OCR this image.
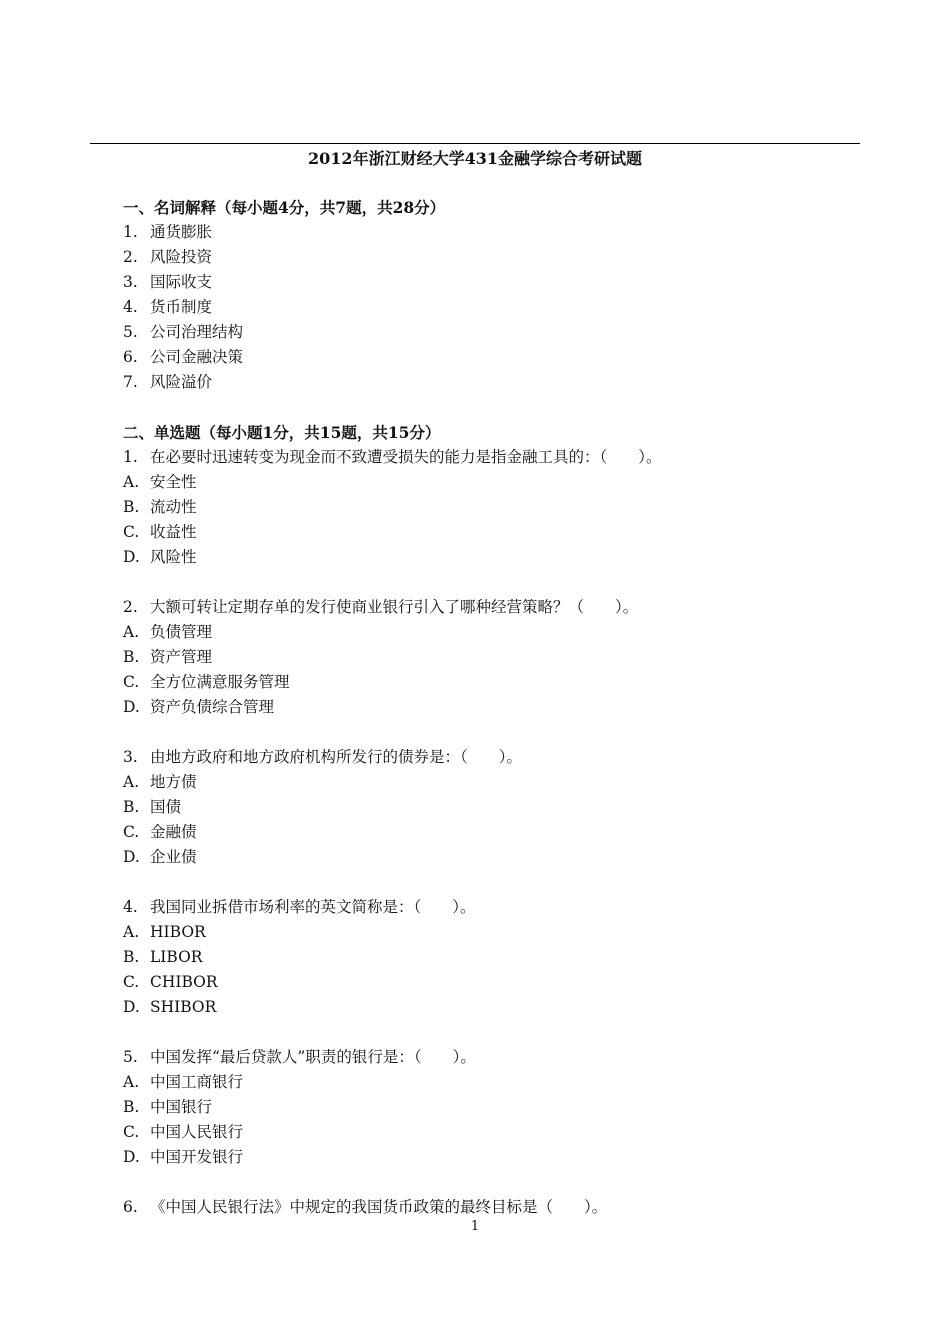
2012年浙江财经大学431金融学综合考研试题
一、名词解释（每小题4分，共7题，共28分）
1. 通货膨胀
2. 风险投资
3. 国际收支
4. 货币制度
5. 公司治理结构
6. 公司金融决策
7. 风险溢价
二、单选题（每小题1分，共15题，共15分）
1. 在必要时迅速转变为现金而不致遭受损失的能力是指金融工具的：（　　）。
A. 安全性
B. 流动性
C. 收益性
D. 风险性
2. 大额可转让定期存单的发行使商业银行引入了哪种经营策略？（　　）。
A. 负债管理
B. 资产管理
C. 全方位满意服务管理
D. 资产负债综合管理
3. 由地方政府和地方政府机构所发行的债券是：（　　）。
A. 地方债
B. 国债
C. 金融债
D. 企业债
4. 我国同业拆借市场利率的英文简称是：（　　）。
A. HIBOR
B. LIBOR
C. CHIBOR
D. SHIBOR
5. 中国发挥“最后贷款人”职责的银行是：（　　）。
A. 中国工商银行
B. 中国银行
C. 中国人民银行
D. 中国开发银行
6. 《中国人民银行法》中规定的我国货币政策的最终目标是（　　）。
1
